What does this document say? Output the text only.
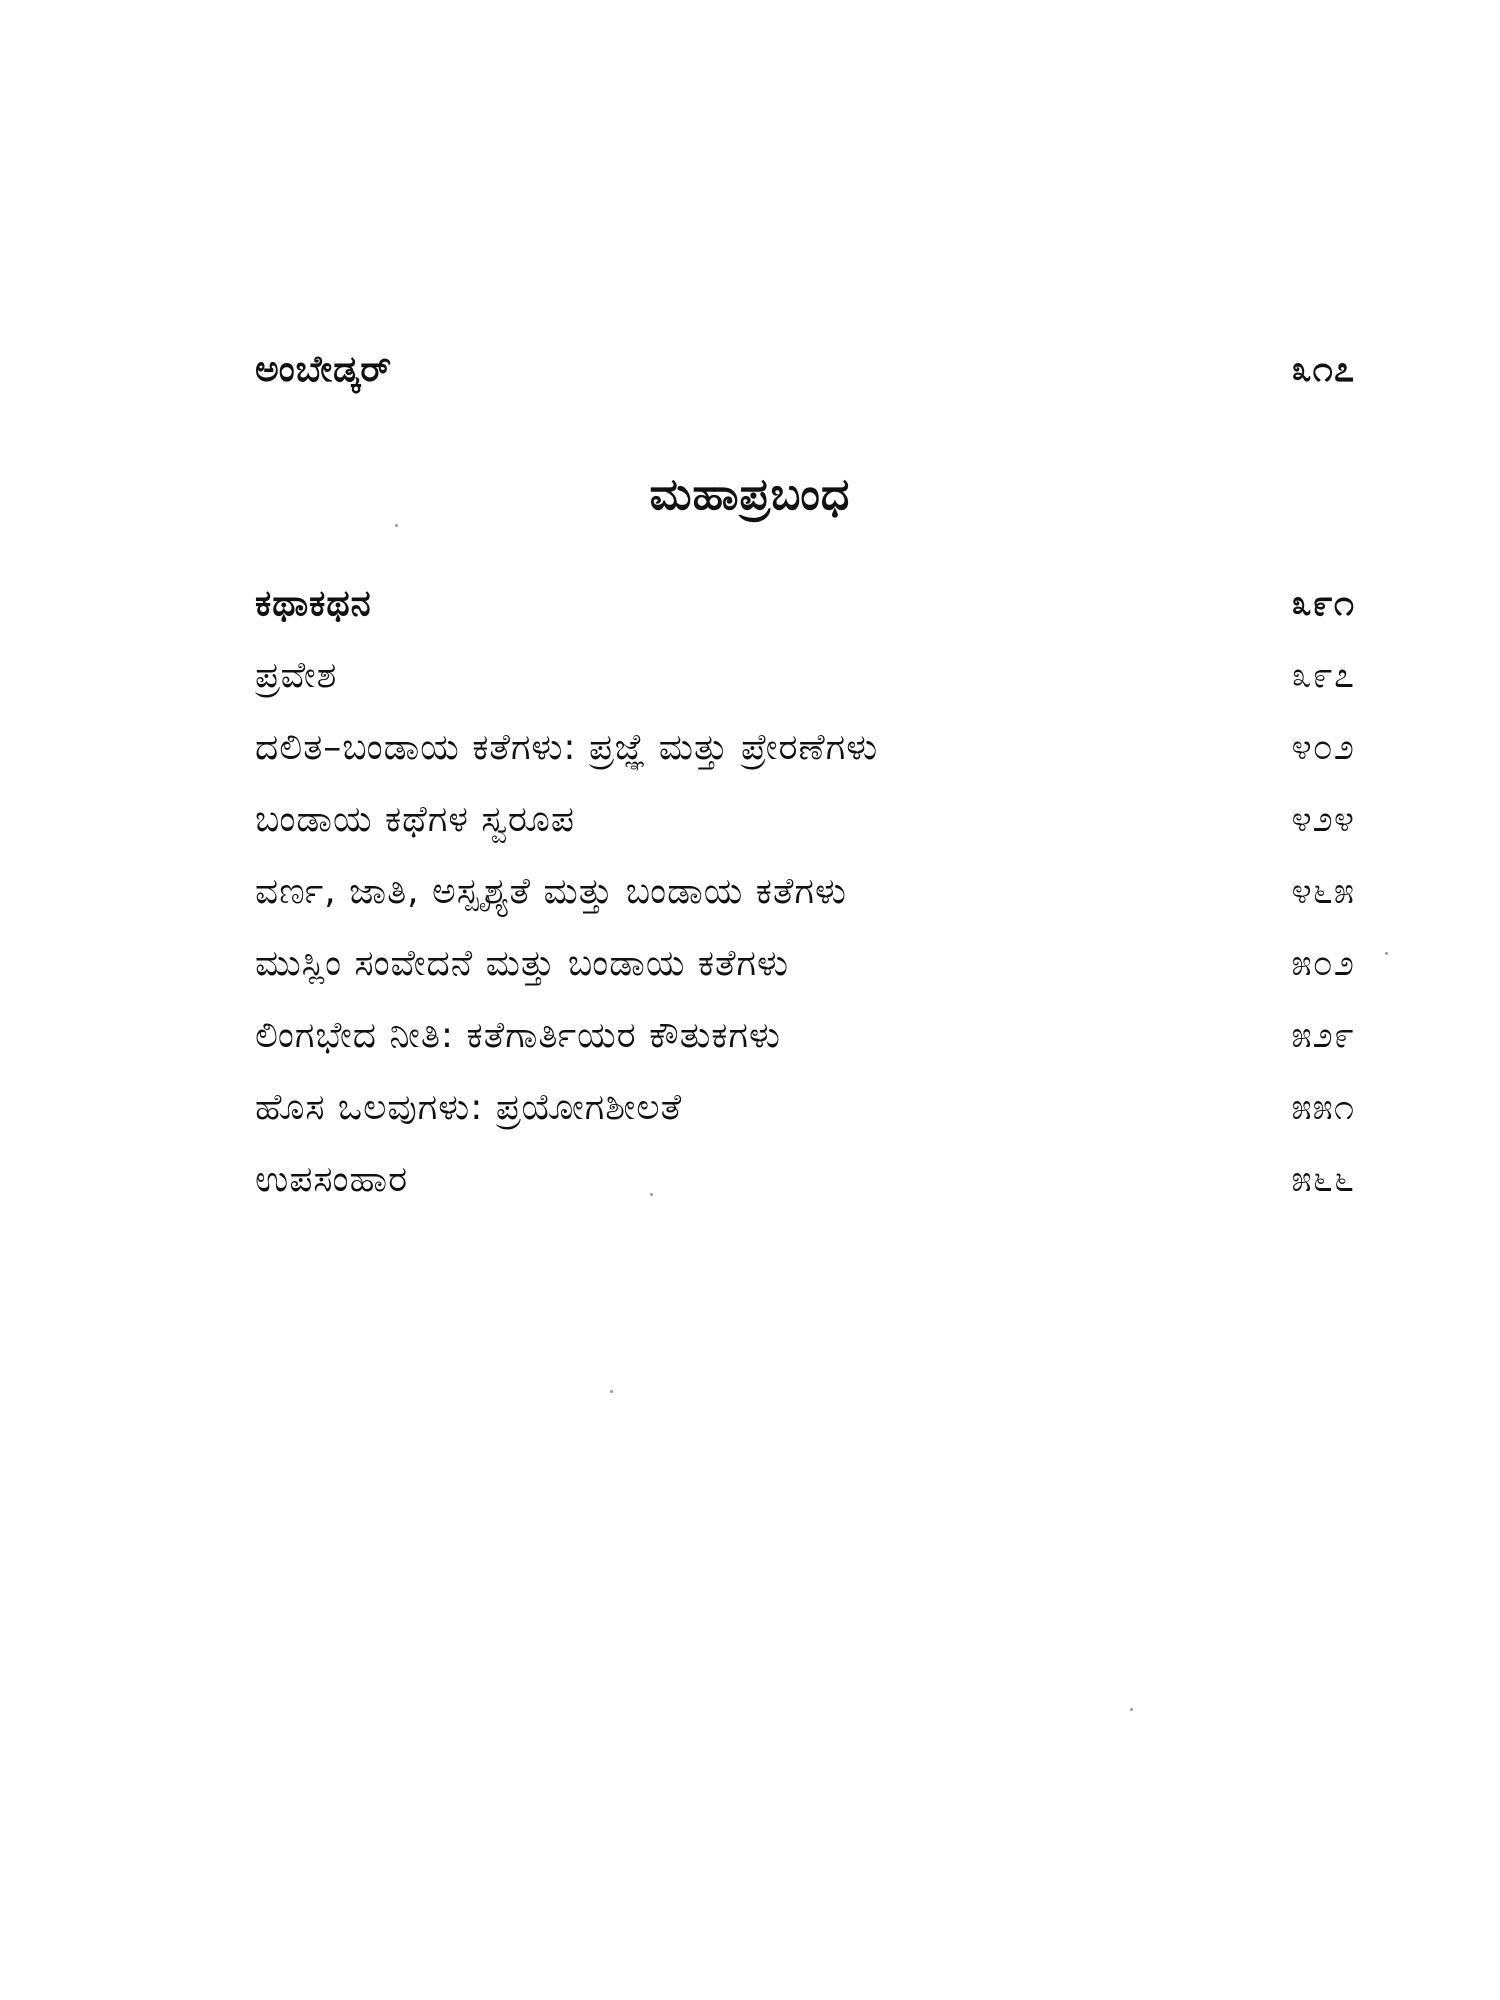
ಅಂಬೇಡ್ಕರ್	೩೧೭
ಮಹಾಪ್ರಬಂಧ
ಕಥಾಕಥನ	೩೯೧
ಪ್ರವೇಶ	೩೯೭
ದಲಿತ–ಬಂಡಾಯ ಕತೆಗಳು: ಪ್ರಜ್ಞೆ ಮತ್ತು ಪ್ರೇರಣೆಗಳು	೪೦೨
ಬಂಡಾಯ ಕಥೆಗಳ ಸ್ವರೂಪ	೪೨೪
ವರ್ಣ, ಜಾತಿ, ಅಸ್ಪೃಶ್ಯತೆ ಮತ್ತು ಬಂಡಾಯ ಕತೆಗಳು	೪೬೫
ಮುಸ್ಲಿಂ ಸಂವೇದನೆ ಮತ್ತು ಬಂಡಾಯ ಕತೆಗಳು	೫೦೨
ಲಿಂಗಭೇದ ನೀತಿ: ಕತೆಗಾರ್ತಿಯರ ಕೌತುಕಗಳು	೫೨೯
ಹೊಸ ಒಲವುಗಳು: ಪ್ರಯೋಗಶೀಲತೆ	೫೫೧
ಉಪಸಂಹಾರ	೫೬೬
